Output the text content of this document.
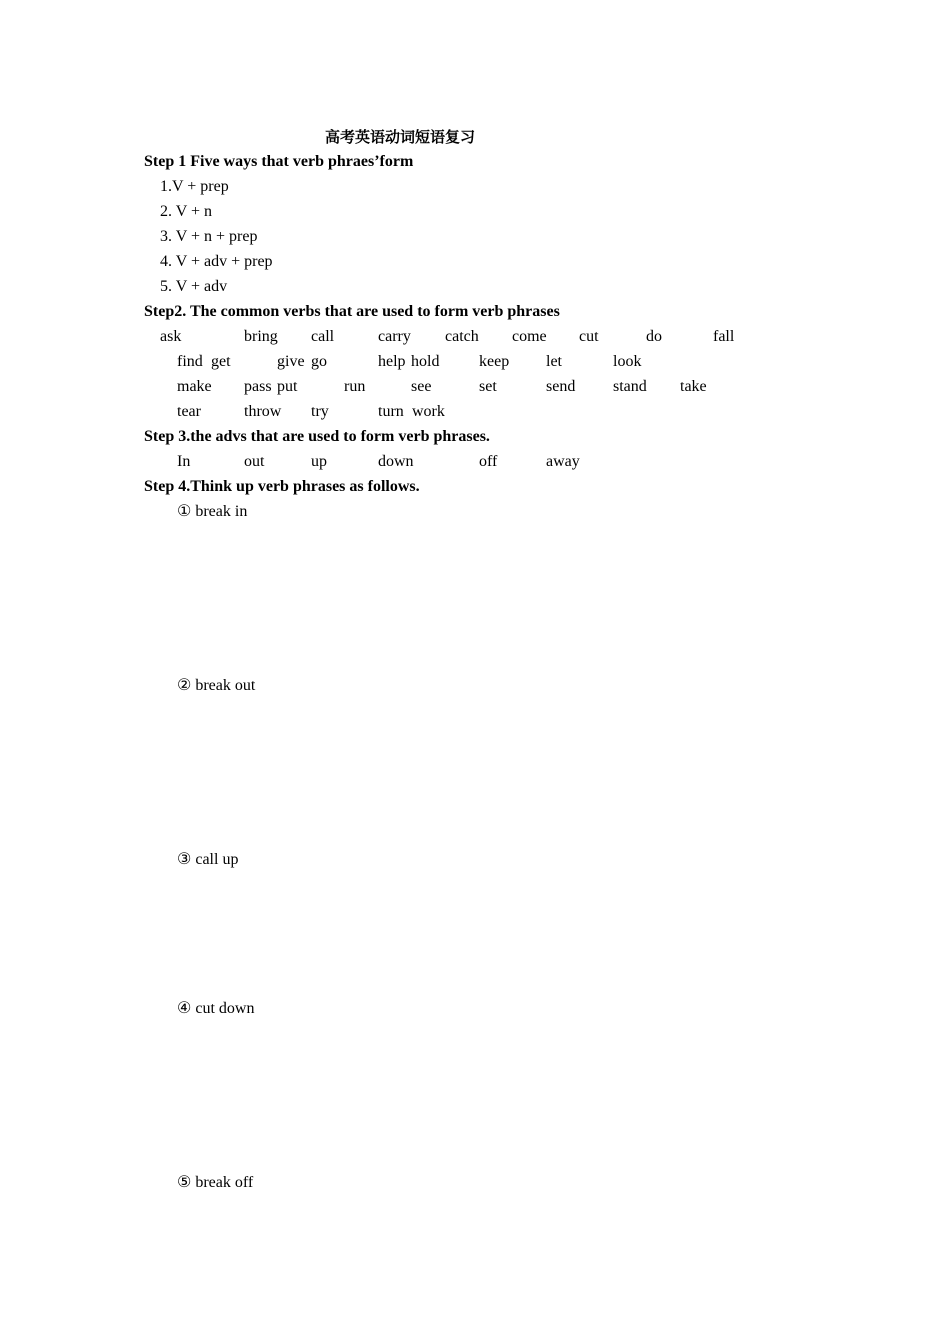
高考英语动词短语复习
Step 1 Five ways that verb phraes’form
1.V + prep
2. V + n
3. V + n + prep
4. V + adv + prep
5. V + adv
Step2. The common verbs that are used to form verb phrases
ask	bring call	carry catch come cut	do	fall
find get	give go	help hold keep let	look
make pass put	run	see	set	send stand take
tear	throw try	turn work
Step 3.the advs that are used to form verb phrases.
In	out	up	down	off	away
Step 4.Think up verb phrases as follows.
① break in
② break out
③ call up
④ cut down
⑤ break off
